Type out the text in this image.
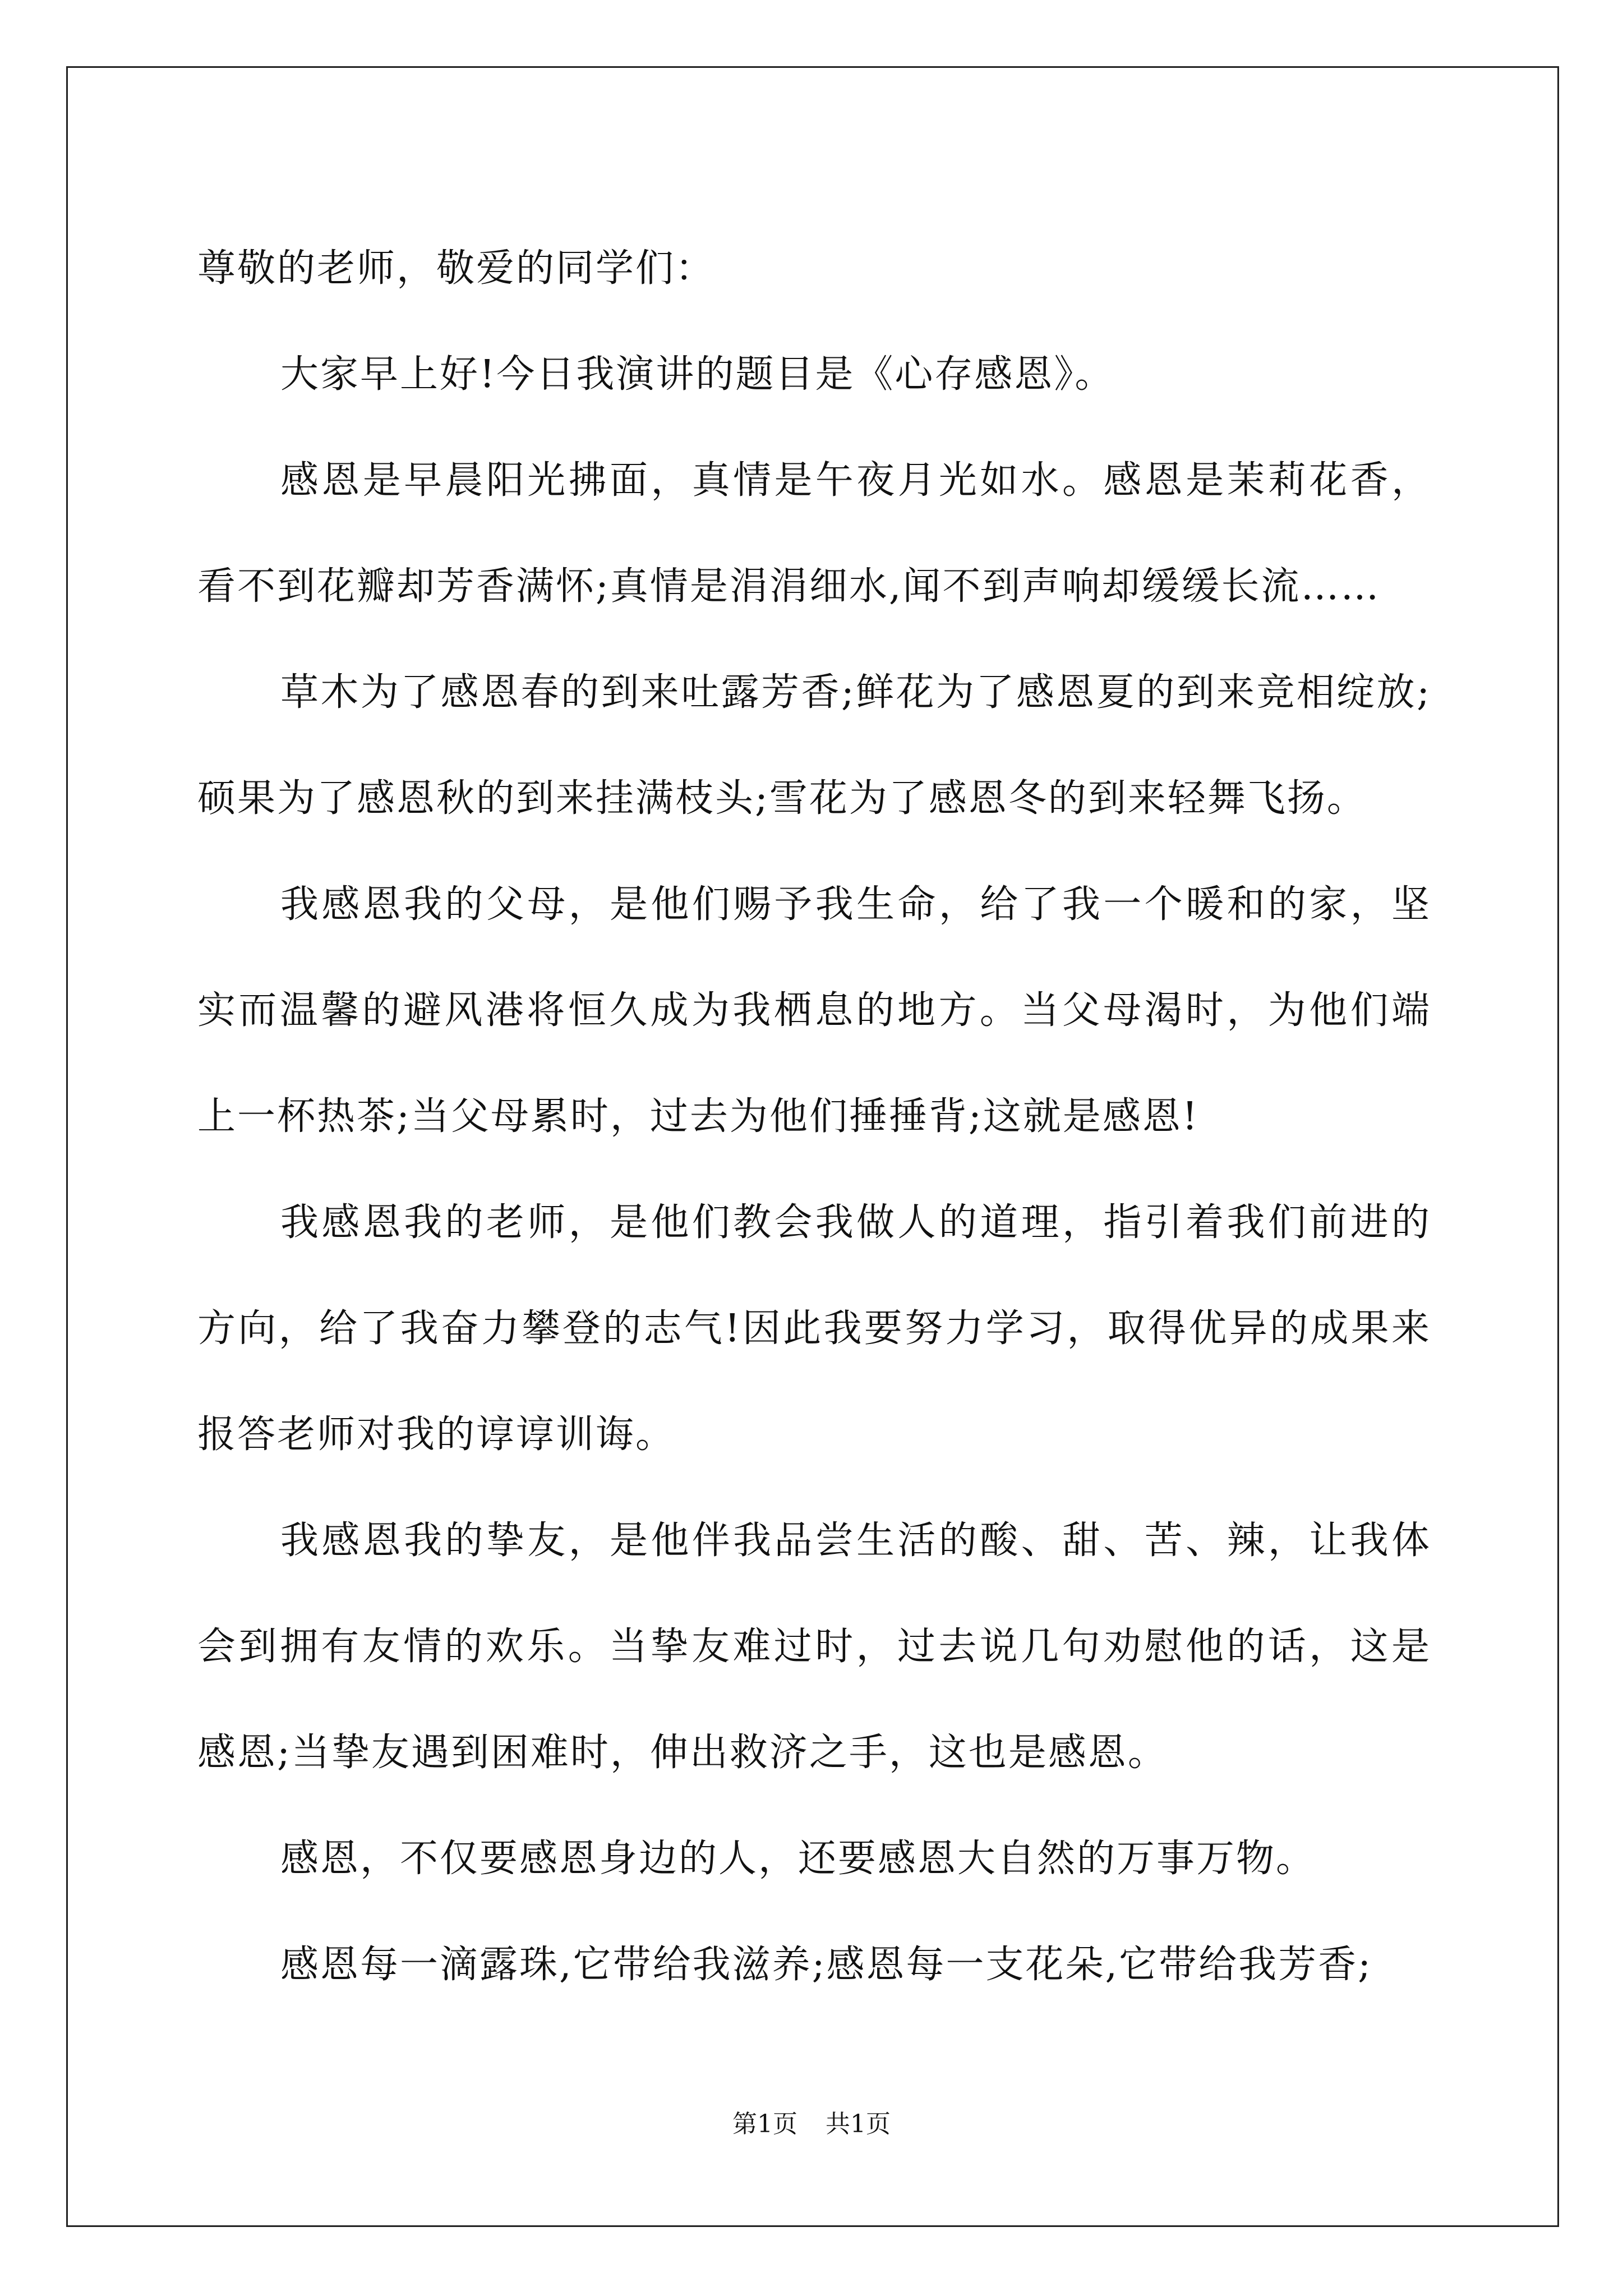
尊敬的老师，敬爱的同学们：

大家早上好!今日我演讲的题目是《心存感恩》。

感恩是早晨阳光拂面，真情是午夜月光如水。感恩是茉莉花香，看不到花瓣却芳香满怀;真情是涓涓细水,闻不到声响却缓缓长流……

草木为了感恩春的到来吐露芳香;鲜花为了感恩夏的到来竞相绽放;硕果为了感恩秋的到来挂满枝头;雪花为了感恩冬的到来轻舞飞扬。

我感恩我的父母，是他们赐予我生命，给了我一个暖和的家，坚实而温馨的避风港将恒久成为我栖息的地方。当父母渴时，为他们端上一杯热茶;当父母累时，过去为他们捶捶背;这就是感恩!

我感恩我的老师，是他们教会我做人的道理，指引着我们前进的方向，给了我奋力攀登的志气!因此我要努力学习，取得优异的成果来报答老师对我的谆谆训诲。

我感恩我的挚友，是他伴我品尝生活的酸、甜、苦、辣，让我体会到拥有友情的欢乐。当挚友难过时，过去说几句劝慰他的话，这是感恩;当挚友遇到困难时，伸出救济之手，这也是感恩。

感恩，不仅要感恩身边的人，还要感恩大自然的万事万物。

感恩每一滴露珠,它带给我滋养;感恩每一支花朵,它带给我芳香;

第1页 共1页
